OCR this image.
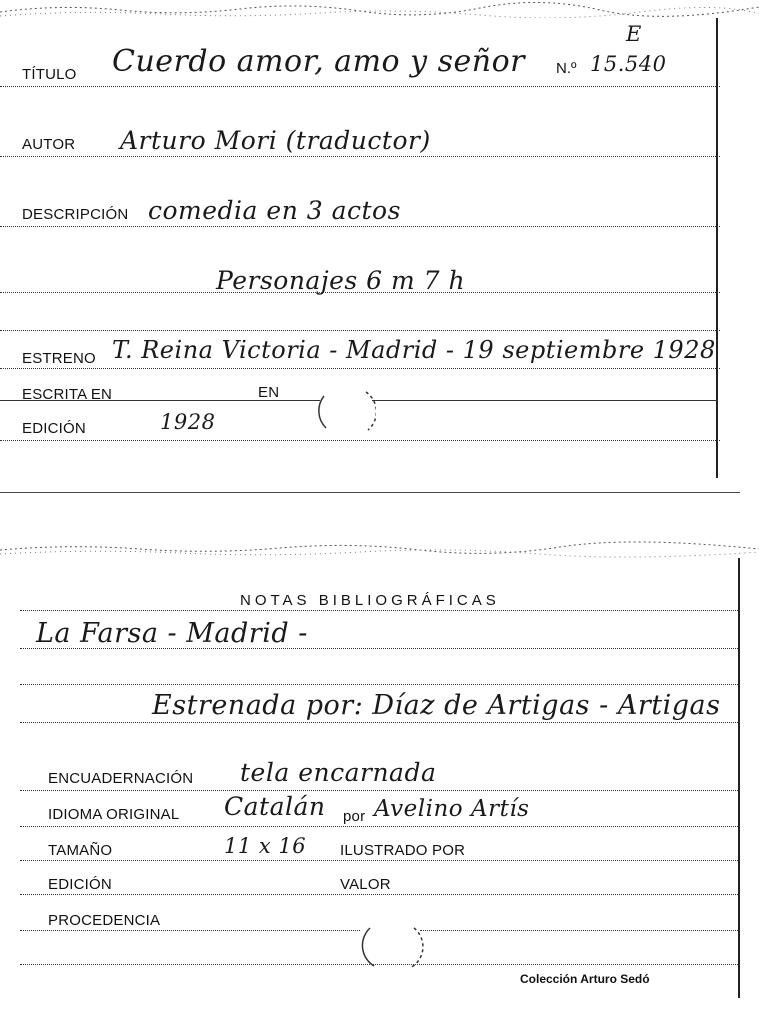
TÍTULO Cuerdo amor, amo y señor N.º 15.540
E
AUTOR Arturo Mori (traductor)
DESCRIPCIÓN comedia en 3 actos
Personajes 6 m 7 h
ESTRENO T. Reina Victoria - Madrid - 19 septiembre 1928
ESCRITA EN	EN
EDICIÓN	1928
NOTAS BIBLIOGRÁFICAS
La Farsa - Madrid -
Estrenada por: Díaz de Artigas - Artigas
ENCUADERNACIÓN tela encarnada
IDIOMA ORIGINAL Catalán por Avelino Artís
TAMAÑO	11 x 16 ILUSTRADO POR
EDICIÓN	VALOR
PROCEDENCIA
Colección Arturo Sedó
